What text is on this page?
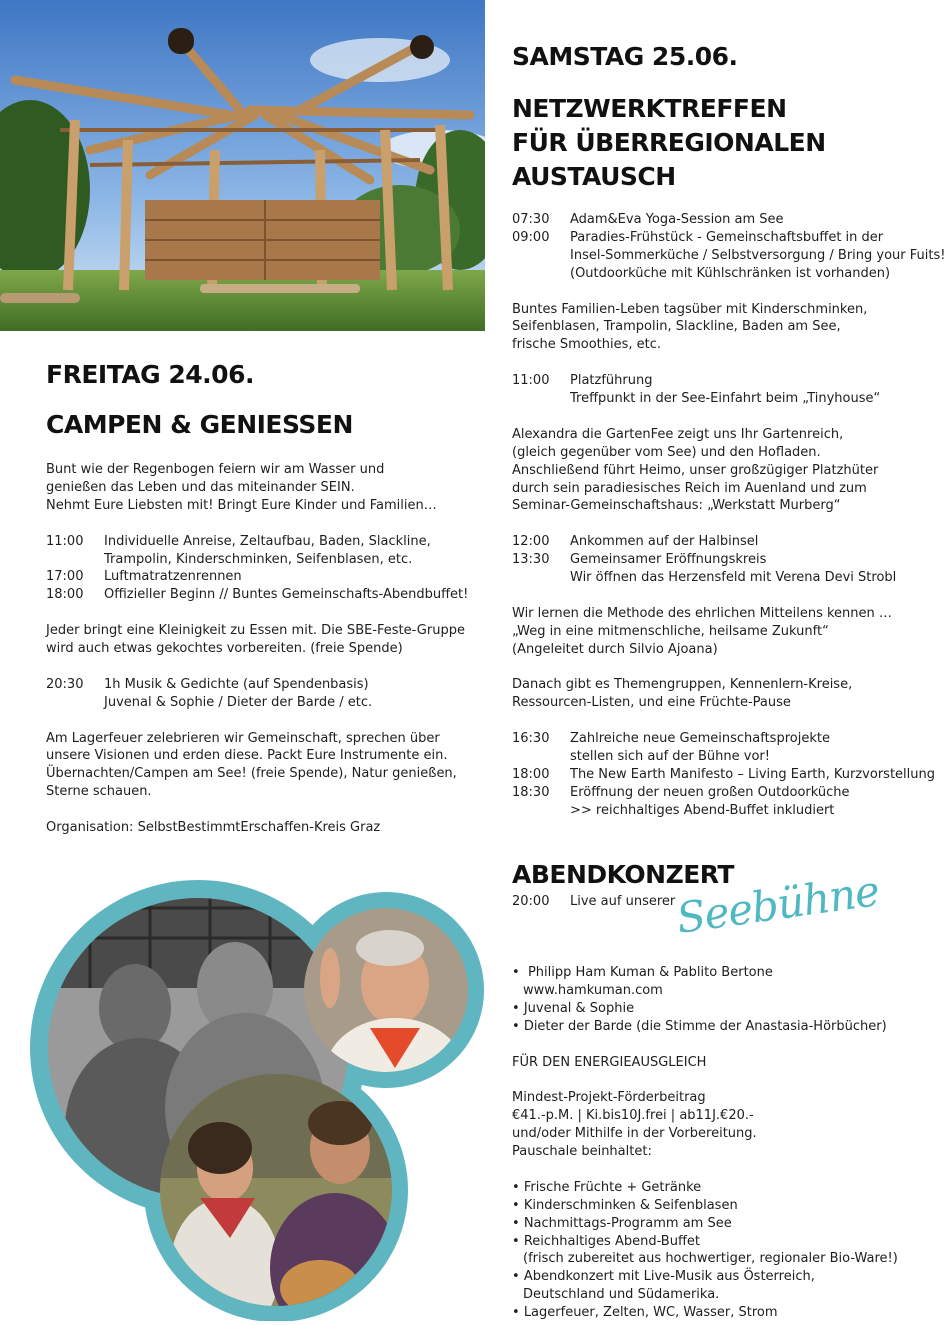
FREITAG 24.06.
CAMPEN & GENIESSEN
Bunt wie der Regenbogen feiern wir am Wasser und
genießen das Leben und das miteinander SEIN.
Nehmt Eure Liebsten mit! Bringt Eure Kinder und Familien…
11:00	Individuelle Anreise, Zeltaufbau, Baden, Slackline,
Trampolin, Kinderschminken, Seifenblasen, etc.
17:00	Luftmatratzenrennen
18:00	Offizieller Beginn // Buntes Gemeinschafts-Abendbuffet!
Jeder bringt eine Kleinigkeit zu Essen mit. Die SBE-Feste-Gruppe
wird auch etwas gekochtes vorbereiten. (freie Spende)
20:30	1h Musik & Gedichte (auf Spendenbasis)
Juvenal & Sophie / Dieter der Barde / etc.
Am Lagerfeuer zelebrieren wir Gemeinschaft, sprechen über
unsere Visionen und erden diese. Packt Eure Instrumente ein.
Übernachten/Campen am See! (freie Spende), Natur genießen,
Sterne schauen.
Organisation: SelbstBestimmtErschaffen-Kreis Graz
SAMSTAG 25.06.
NETZWERKTREFFEN
FÜR ÜBERREGIONALEN
AUSTAUSCH
07:30	Adam&Eva Yoga-Session am See
09:00	Paradies-Frühstück - Gemeinschaftsbuffet in der
Insel-Sommerküche / Selbstversorgung / Bring your Fuits!
(Outdoorküche mit Kühlschränken ist vorhanden)
Buntes Familien-Leben tagsüber mit Kinderschminken,
Seifenblasen, Trampolin, Slackline, Baden am See,
frische Smoothies, etc.
11:00	Platzführung
Treffpunkt in der See-Einfahrt beim „Tinyhouse“
Alexandra die GartenFee zeigt uns Ihr Gartenreich,
(gleich gegenüber vom See) und den Hofladen.
Anschließend führt Heimo, unser großzügiger Platzhüter
durch sein paradiesisches Reich im Auenland und zum
Seminar-Gemeinschaftshaus: „Werkstatt Murberg“
12:00	Ankommen auf der Halbinsel
13:30	Gemeinsamer Eröffnungskreis
Wir öffnen das Herzensfeld mit Verena Devi Strobl
Wir lernen die Methode des ehrlichen Mitteilens kennen …
„Weg in eine mitmenschliche, heilsame Zukunft“
(Angeleitet durch Silvio Ajoana)
Danach gibt es Themengruppen, Kennenlern-Kreise,
Ressourcen-Listen, und eine Früchte-Pause
16:30	Zahlreiche neue Gemeinschaftsprojekte
stellen sich auf der Bühne vor!
18:00	The New Earth Manifesto – Living Earth, Kurzvorstellung
18:30	Eröffnung der neuen großen Outdoorküche
>> reichhaltiges Abend-Buffet inkludiert
ABENDKONZERT
20:00	Live auf unserer
Seebühne
• Philipp Ham Kuman & Pablito Bertone
www.hamkuman.com
• Juvenal & Sophie
• Dieter der Barde (die Stimme der Anastasia-Hörbücher)
FÜR DEN ENERGIEAUSGLEICH
Mindest-Projekt-Förderbeitrag
€41.-p.M. | Ki.bis10J.frei | ab11J.€20.-
und/oder Mithilfe in der Vorbereitung.
Pauschale beinhaltet:
• Frische Früchte + Getränke
• Kinderschminken & Seifenblasen
• Nachmittags-Programm am See
• Reichhaltiges Abend-Buffet
(frisch zubereitet aus hochwertiger, regionaler Bio-Ware!)
• Abendkonzert mit Live-Musik aus Österreich,
Deutschland und Südamerika.
• Lagerfeuer, Zelten, WC, Wasser, Strom
